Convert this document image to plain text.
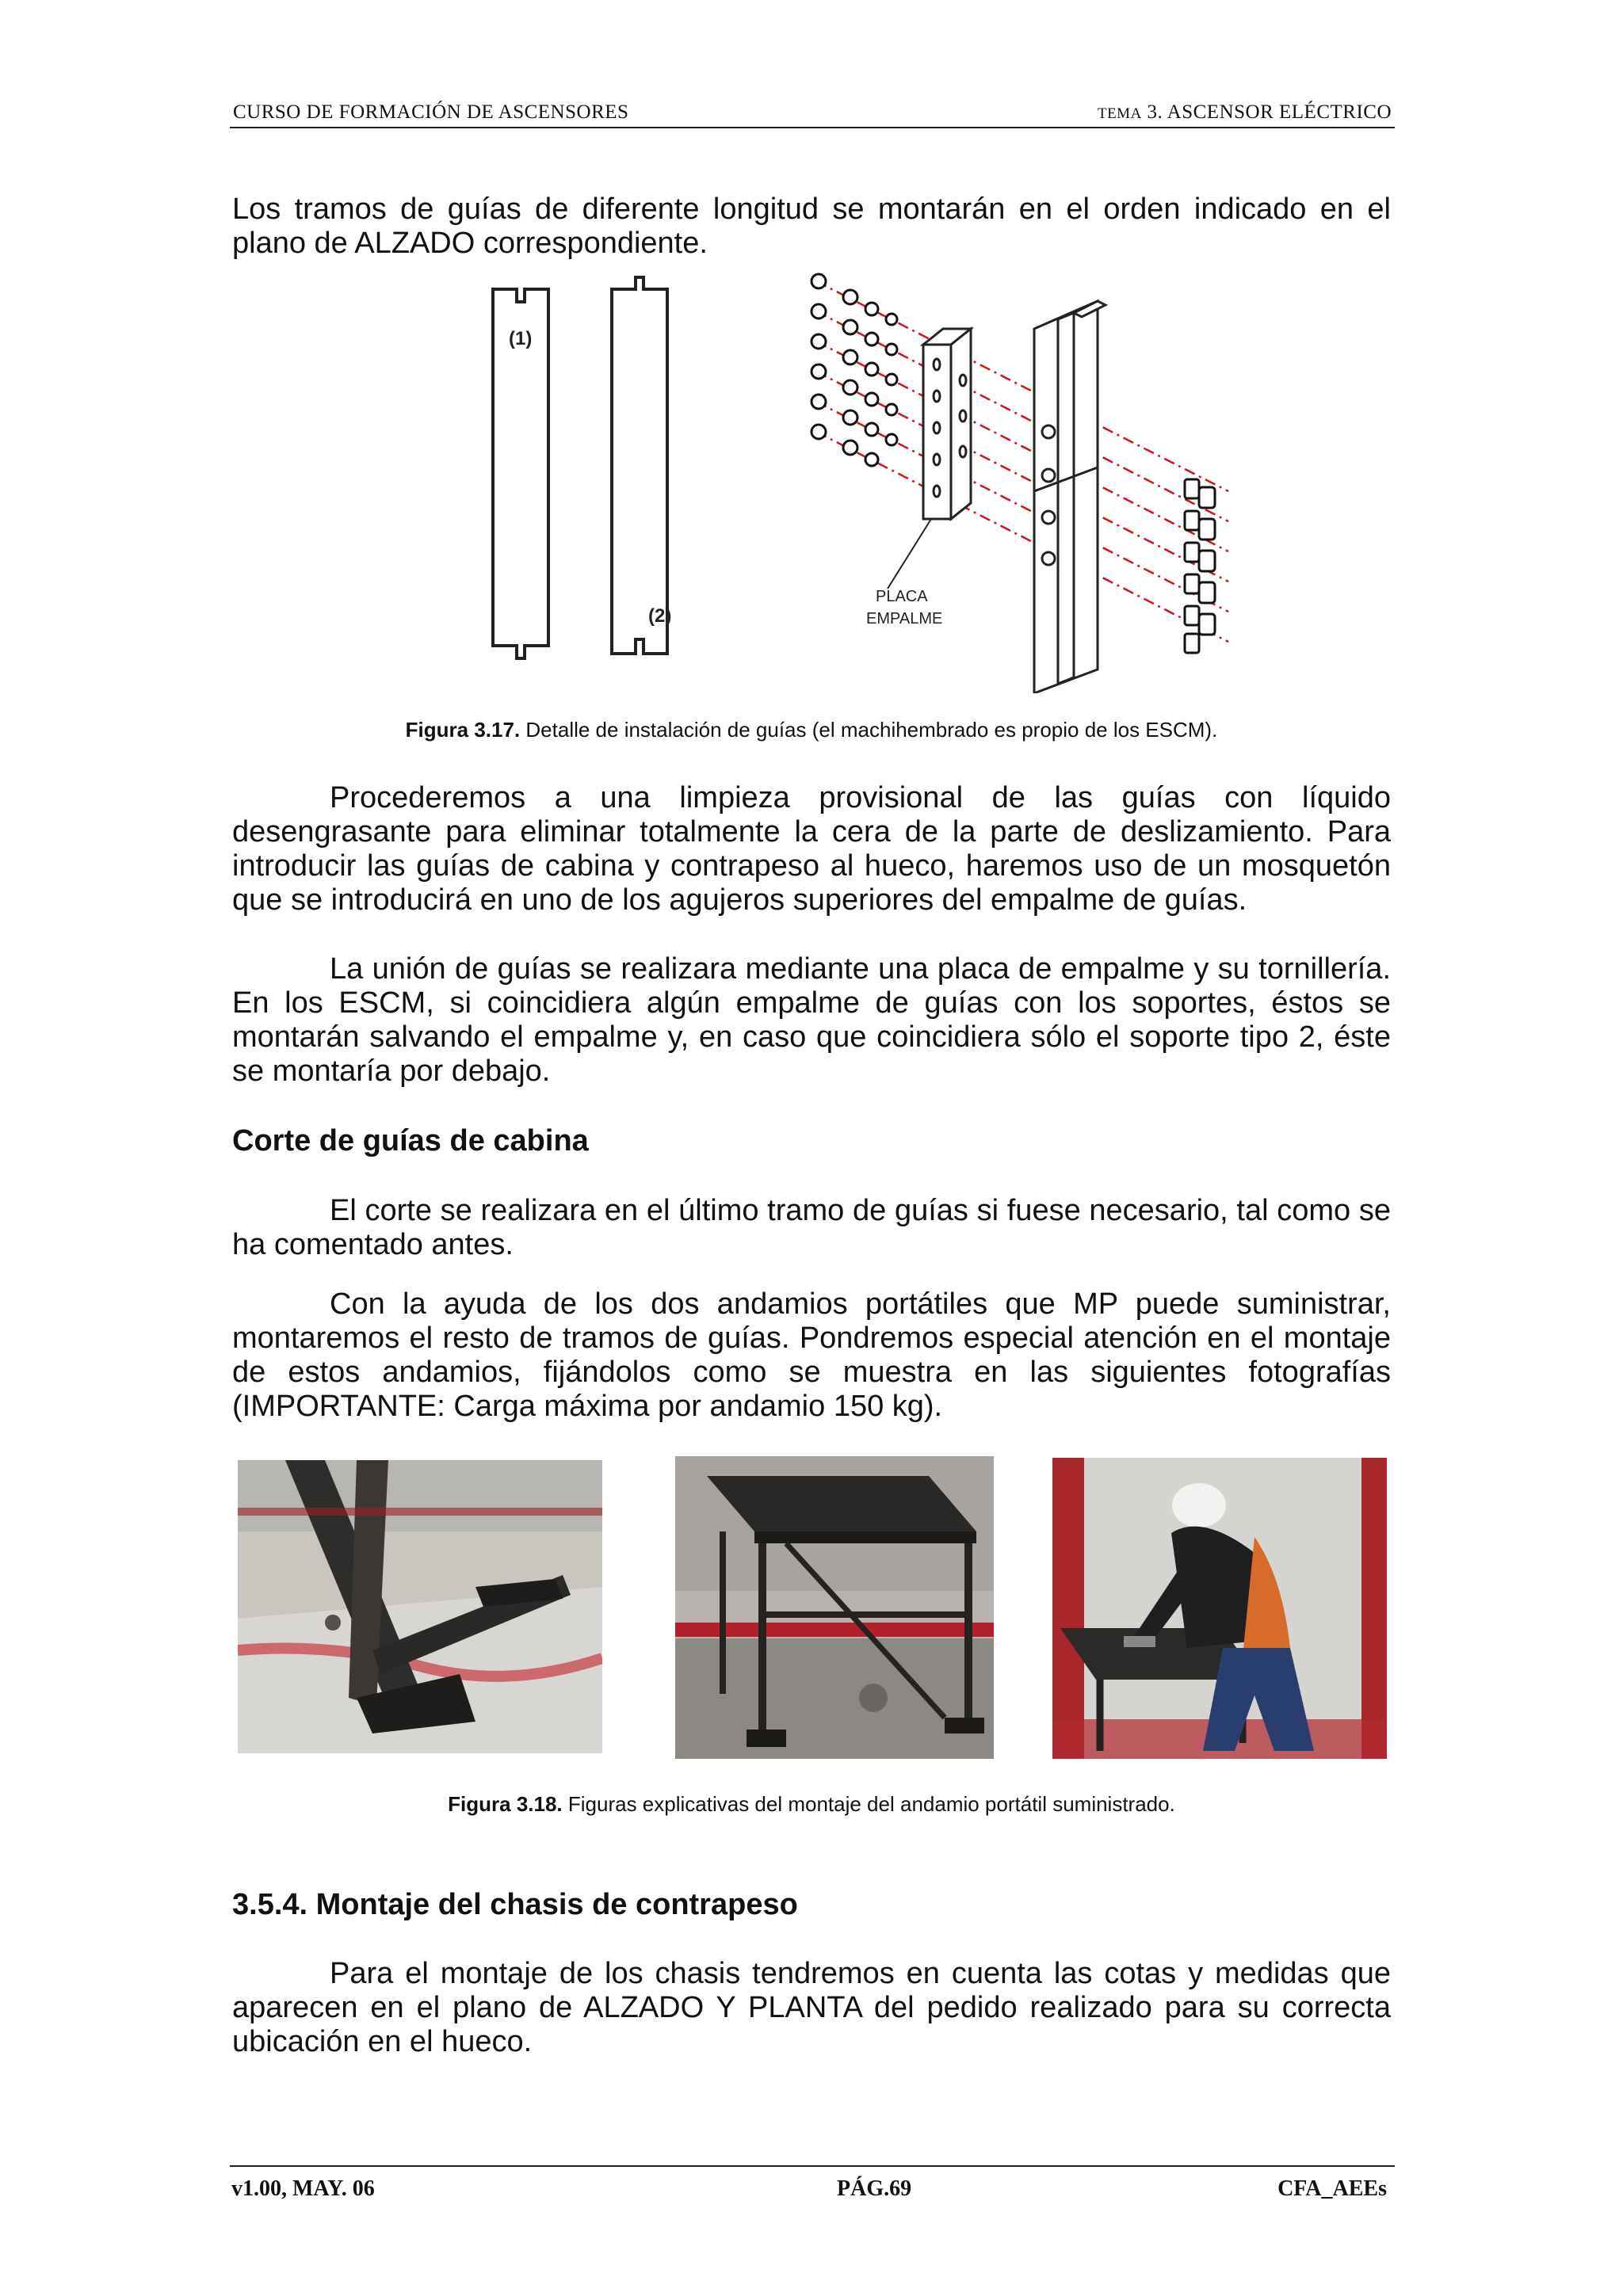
CURSO DE FORMACIÓN DE ASCENSORES	TEMA 3. ASCENSOR ELÉCTRICO
Los tramos de guías de diferente longitud se montarán en el orden indicado en el plano de ALZADO correspondiente.
(1)
(2)
PLACA
EMPALME
Figura 3.17. Detalle de instalación de guías (el machihembrado es propio de los ESCM).
Procederemos a una limpieza provisional de las guías con líquido desengrasante para eliminar totalmente la cera de la parte de deslizamiento. Para introducir las guías de cabina y contrapeso al hueco, haremos uso de un mosquetón que se introducirá en uno de los agujeros superiores del empalme de guías.
La unión de guías se realizara mediante una placa de empalme y su tornillería. En los ESCM, si coincidiera algún empalme de guías con los soportes, éstos se montarán salvando el empalme y, en caso que coincidiera sólo el soporte tipo 2, éste se montaría por debajo.
Corte de guías de cabina
El corte se realizara en el último tramo de guías si fuese necesario, tal como se ha comentado antes.
Con la ayuda de los dos andamios portátiles que MP puede suministrar, montaremos el resto de tramos de guías. Pondremos especial atención en el montaje de estos andamios, fijándolos como se muestra en las siguientes fotografías (IMPORTANTE: Carga máxima por andamio 150 kg).
Figura 3.18. Figuras explicativas del montaje del andamio portátil suministrado.
3.5.4. Montaje del chasis de contrapeso
Para el montaje de los chasis tendremos en cuenta las cotas y medidas que aparecen en el plano de ALZADO Y PLANTA del pedido realizado para su correcta ubicación en el hueco.
v1.00, MAY. 06	PÁG.69	CFA_AEEs
